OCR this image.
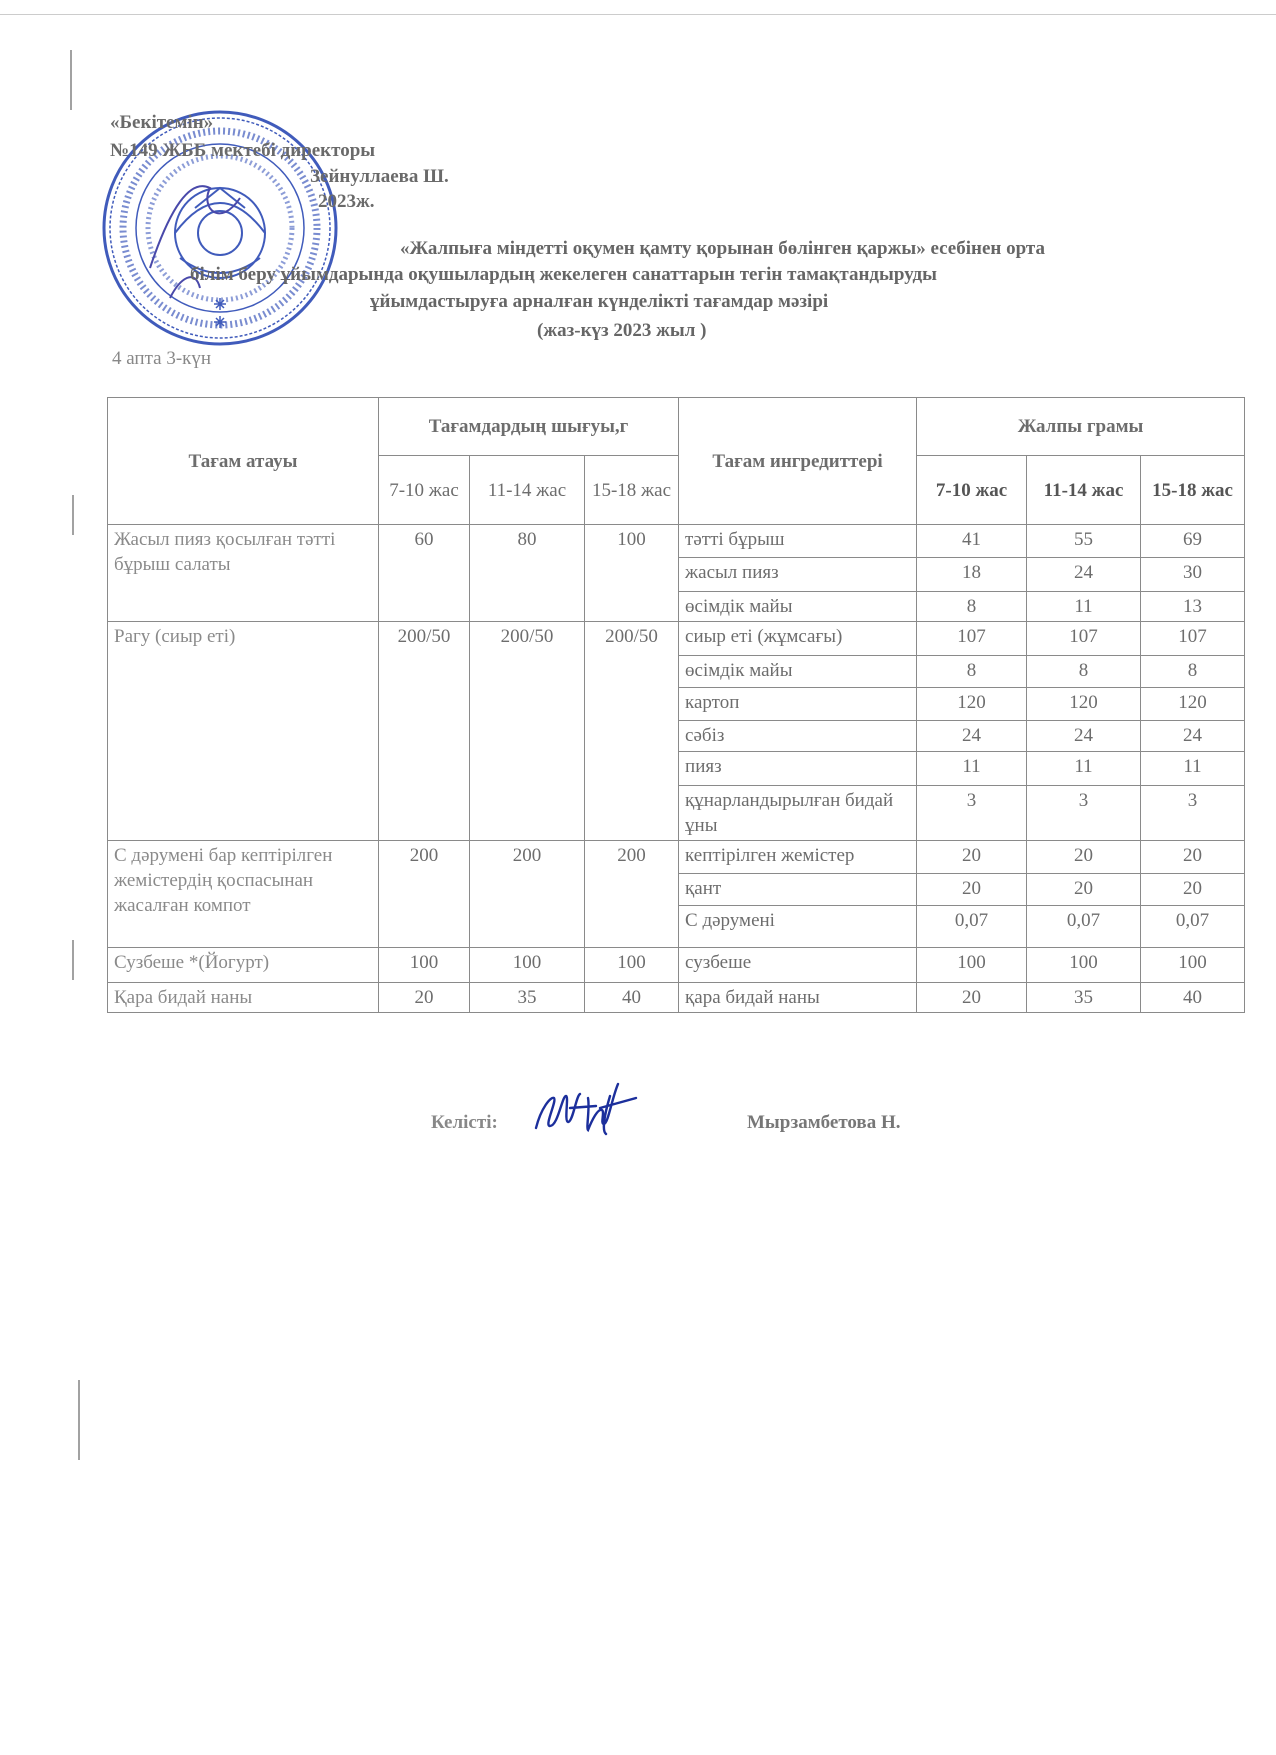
«Бекітемін»
№149 ЖББ мектебі директоры
Зейнуллаева Ш.
2023ж.
«Жалпыға міндетті оқумен қамту қорынан бөлінген қаржы» есебінен орта
білім беру ұйымдарында оқушылардың жекелеген санаттарын тегін тамақтандыруды
ұйымдастыруға арналған күнделікті тағамдар мәзірі
(жаз-күз 2023 жыл )
4 апта 3-күн
Тағам атауы	Тағамдардың шығуы,г			Тағам ингредиттері	Жалпы грамы		
	7-10 жас	11-14 жас	15-18 жас		7-10 жас	11-14 жас	15-18 жас
Жасыл пияз қосылған тәтті бұрыш салаты	60	80	100	тәтті бұрыш	41	55	69
				жасыл пияз	18	24	30
				өсімдік майы	8	11	13
Рагу (сиыр еті)	200/50	200/50	200/50	сиыр еті (жұмсағы)	107	107	107
				өсімдік майы	8	8	8
				картоп	120	120	120
				сәбіз	24	24	24
				пияз	11	11	11
				құнарландырылған бидай ұны	3	3	3
С дәрумені бар кептірілген жемістердің қоспасынан жасалған компот	200	200	200	кептірілген жемістер	20	20	20
				қант	20	20	20
				С дәрумені	0,07	0,07	0,07
Сузбеше *(Йогурт)	100	100	100	сузбеше	100	100	100
Қара бидай наны	20	35	40	қара бидай наны	20	35	40
Келісті:	Мырзамбетова Н.
